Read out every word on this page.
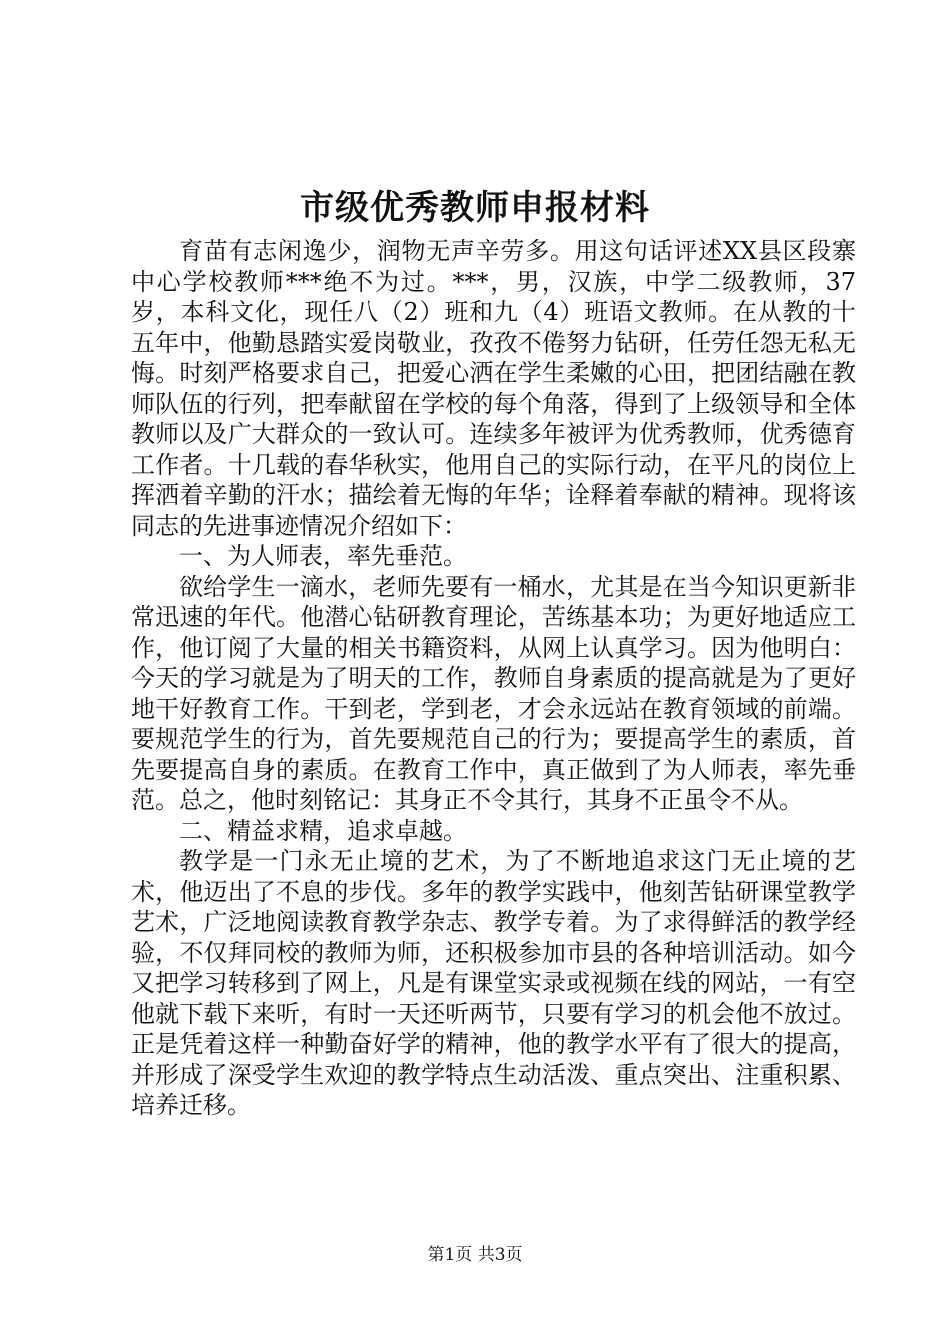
市级优秀教师申报材料

育苗有志闲逸少，润物无声辛劳多。用这句话评述XX县区段寨中心学校教师***绝不为过。***，男，汉族，中学二级教师，37岁，本科文化，现任八（2）班和九（4）班语文教师。在从教的十五年中，他勤恳踏实爱岗敬业，孜孜不倦努力钻研，任劳任怨无私无悔。时刻严格要求自己，把爱心洒在学生柔嫩的心田，把团结融在教师队伍的行列，把奉献留在学校的每个角落，得到了上级领导和全体教师以及广大群众的一致认可。连续多年被评为优秀教师，优秀德育工作者。十几载的春华秋实，他用自己的实际行动，在平凡的岗位上挥洒着辛勤的汗水；描绘着无悔的年华；诠释着奉献的精神。现将该同志的先进事迹情况介绍如下：

一、为人师表，率先垂范。

欲给学生一滴水，老师先要有一桶水，尤其是在当今知识更新非常迅速的年代。他潜心钻研教育理论，苦练基本功；为更好地适应工作，他订阅了大量的相关书籍资料，从网上认真学习。因为他明白：今天的学习就是为了明天的工作，教师自身素质的提高就是为了更好地干好教育工作。干到老，学到老，才会永远站在教育领域的前端。要规范学生的行为，首先要规范自己的行为；要提高学生的素质，首先要提高自身的素质。在教育工作中，真正做到了为人师表，率先垂范。总之，他时刻铭记：其身正不令其行，其身不正虽令不从。

二、精益求精，追求卓越。

教学是一门永无止境的艺术，为了不断地追求这门无止境的艺术，他迈出了不息的步伐。多年的教学实践中，他刻苦钻研课堂教学艺术，广泛地阅读教育教学杂志、教学专着。为了求得鲜活的教学经验，不仅拜同校的教师为师，还积极参加市县的各种培训活动。如今又把学习转移到了网上，凡是有课堂实录或视频在线的网站，一有空他就下载下来听，有时一天还听两节，只要有学习的机会他不放过。正是凭着这样一种勤奋好学的精神，他的教学水平有了很大的提高，并形成了深受学生欢迎的教学特点生动活泼、重点突出、注重积累、培养迁移。

第1页 共3页
